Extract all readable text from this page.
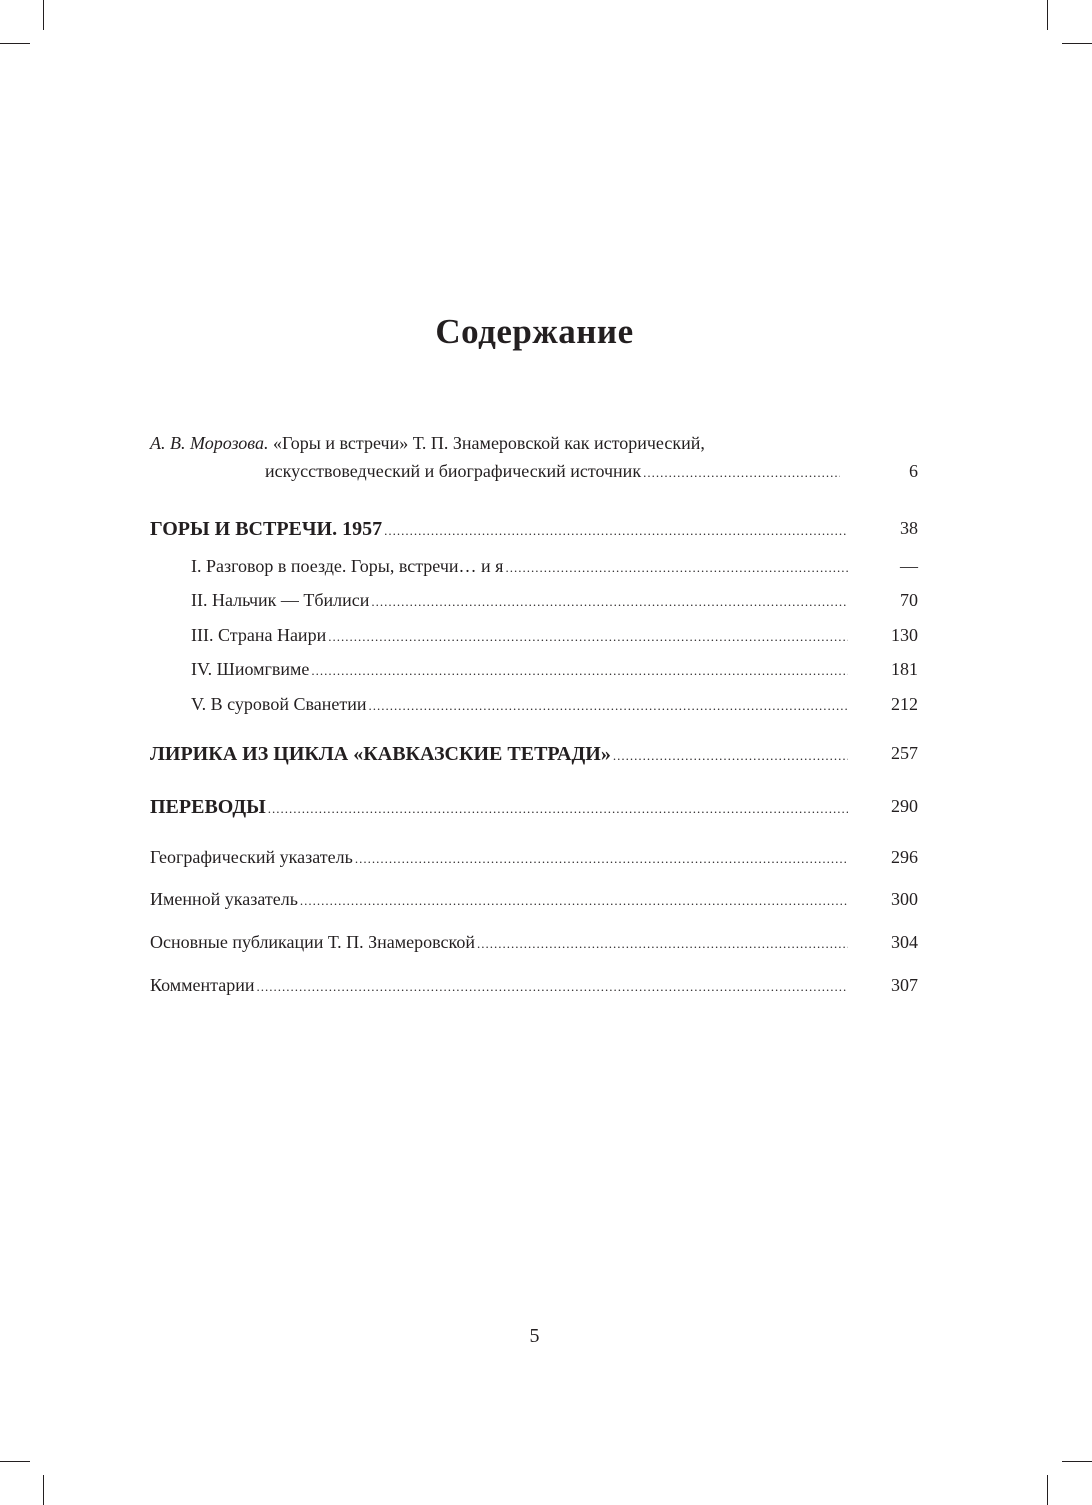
Содержание
А. В. Морозова. «Горы и встречи» Т. П. Знамеровской как исторический,
искусствоведческий и биографический источник .....	6
ГОРЫ И ВСТРЕЧИ. 1957 .....	38
I. Разговор в поезде. Горы, встречи… и я .....	—
II. Нальчик — Тбилиси .....	70
III. Страна Наири .....	130
IV. Шиомгвиме .....	181
V. В суровой Сванетии .....	212
ЛИРИКА ИЗ ЦИКЛА «КАВКАЗСКИЕ ТЕТРАДИ» .....	257
ПЕРЕВОДЫ .....	290
Географический указатель .....	296
Именной указатель .....	300
Основные публикации Т. П. Знамеровской .....	304
Комментарии .....	307
5
